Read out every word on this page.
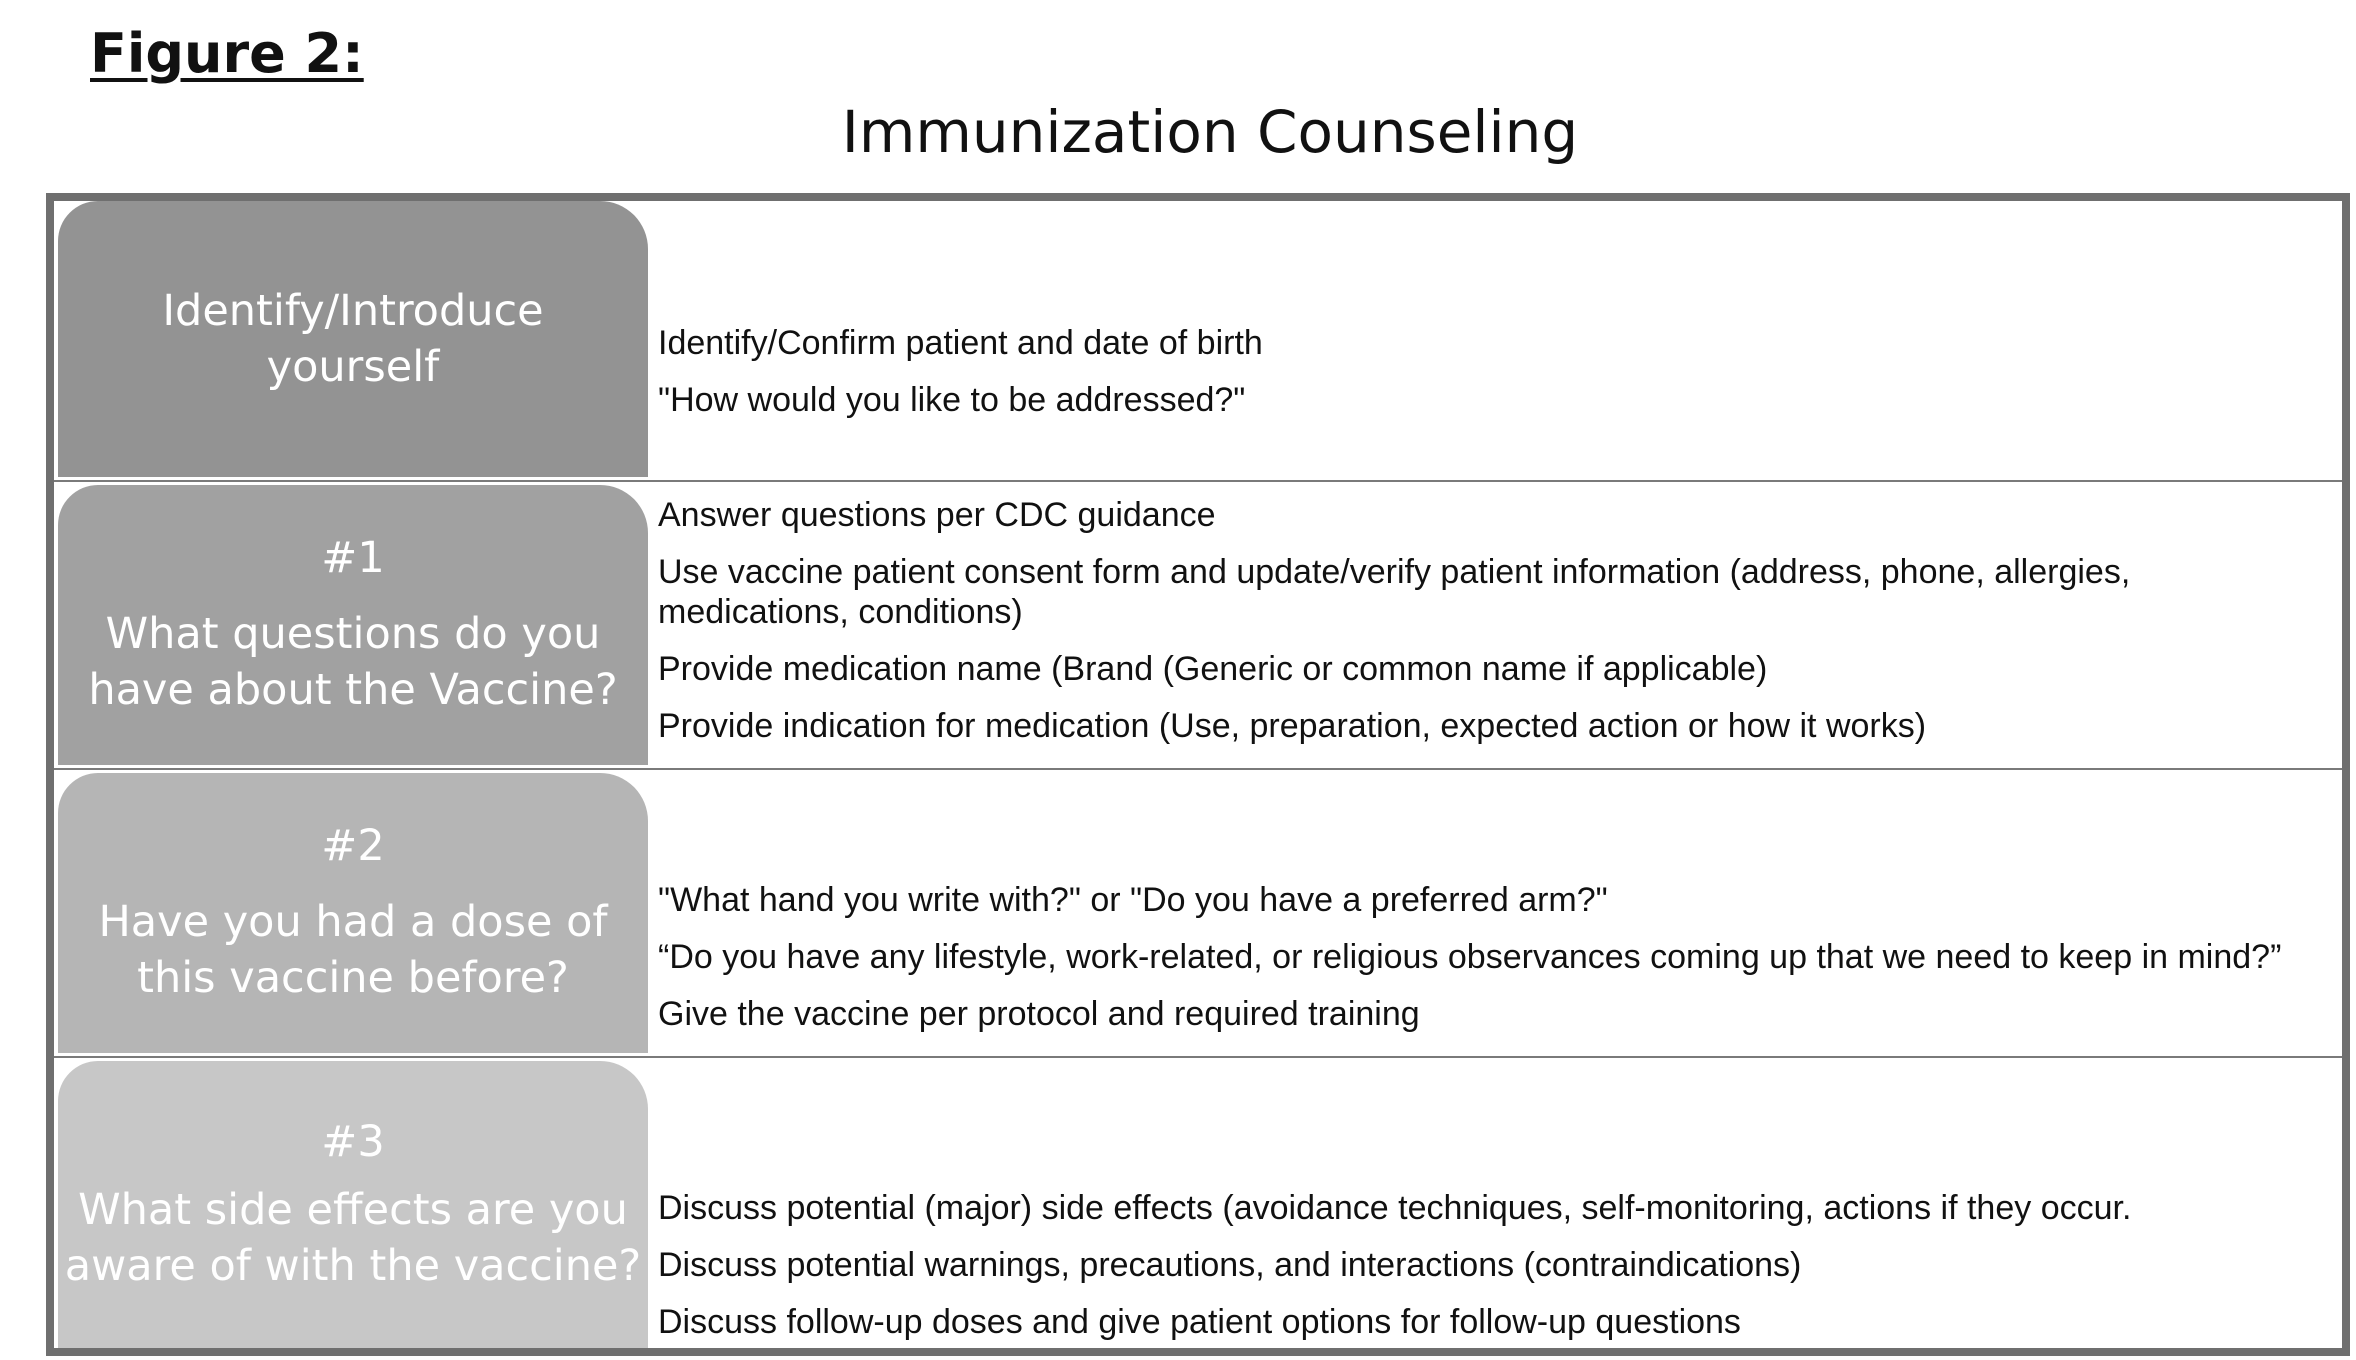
Figure 2:
Immunization Counseling
Identify/Introduce yourself	Identify/Confirm patient and date of birth
"How would you like to be addressed?"
#1
What questions do you have about the Vaccine?
Answer questions per CDC guidance
Use vaccine patient consent form and update/verify patient information (address, phone, allergies, medications, conditions)
Provide medication name (Brand (Generic or common name if applicable)
Provide indication for medication (Use, preparation, expected action or how it works)
#2
Have you had a dose of this vaccine before?
"What hand you write with?" or "Do you have a preferred arm?"
“Do you have any lifestyle, work-related, or religious observances coming up that we need to keep in mind?”
Give the vaccine per protocol and required training
#3
What side effects are you aware of with the vaccine?
Discuss potential (major) side effects (avoidance techniques, self-monitoring, actions if they occur.
Discuss potential warnings, precautions, and interactions (contraindications)
Discuss follow-up doses and give patient options for follow-up questions
